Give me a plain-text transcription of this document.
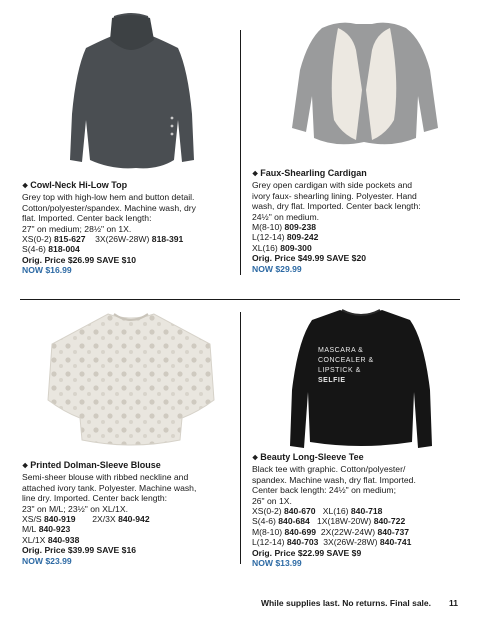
❖ Cowl-Neck Hi-Low Top
Grey top with high-low hem and button detail.
Cotton/polyester/spandex. Machine wash, dry
flat. Imported. Center back length:
27" on medium; 28½" on 1X.
XS(0-2)
815-627
3X(26W-28W)
818-391
S(4-6)
818-004
Orig. Price $26.99 SAVE $10
NOW $16.99
❖ Faux-Shearling Cardigan
Grey open cardigan with side pockets and
ivory faux- shearling lining. Polyester. Hand
wash, dry flat. Imported. Center back length:
24½" on medium.
M(8-10)
809-238
L(12-14)
809-242
XL(16)
809-300
Orig. Price $49.99 SAVE $20
NOW $29.99
❖ Printed Dolman-Sleeve Blouse
Semi-sheer blouse with ribbed neckline and
attached ivory tank. Polyester. Machine wash,
line dry. Imported. Center back length:
23" on M/L; 23½" on XL/1X.
XS/S
840-919
2X/3X
840-942
M/L
840-923
XL/1X
840-938
Orig. Price $39.99 SAVE $16
NOW $23.99
MASCARA &
CONCEALER &
LIPSTICK &
SELFIE
❖ Beauty Long-Sleeve Tee
Black tee with graphic. Cotton/polyester/
spandex. Machine wash, dry flat. Imported.
Center back length: 24½" on medium;
26" on 1X.
XS(0-2)
840-670
XL(16)
840-718
S(4-6)
840-684
1X(18W-20W)
840-722
M(8-10)
840-699
2X(22W-24W)
840-737
L(12-14)
840-703
3X(26W-28W)
840-741
Orig. Price $22.99 SAVE $9
NOW $13.99
While supplies last. No returns. Final sale. 11
